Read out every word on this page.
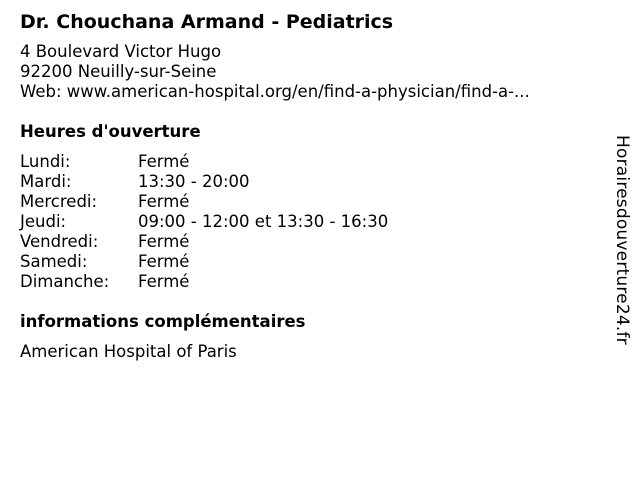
Dr. Chouchana Armand - Pediatrics
4 Boulevard Victor Hugo
92200 Neuilly-sur-Seine
Web: www.american-hospital.org/en/find-a-physician/find-a-...
Heures d'ouverture
Lundi:	Fermé
Mardi:	13:30 - 20:00
Mercredi:	Fermé
Jeudi:	09:00 - 12:00 et 13:30 - 16:30
Vendredi:	Fermé
Samedi:	Fermé
Dimanche:	Fermé
informations complémentaires
American Hospital of Paris
Horairesdouverture24.fr
